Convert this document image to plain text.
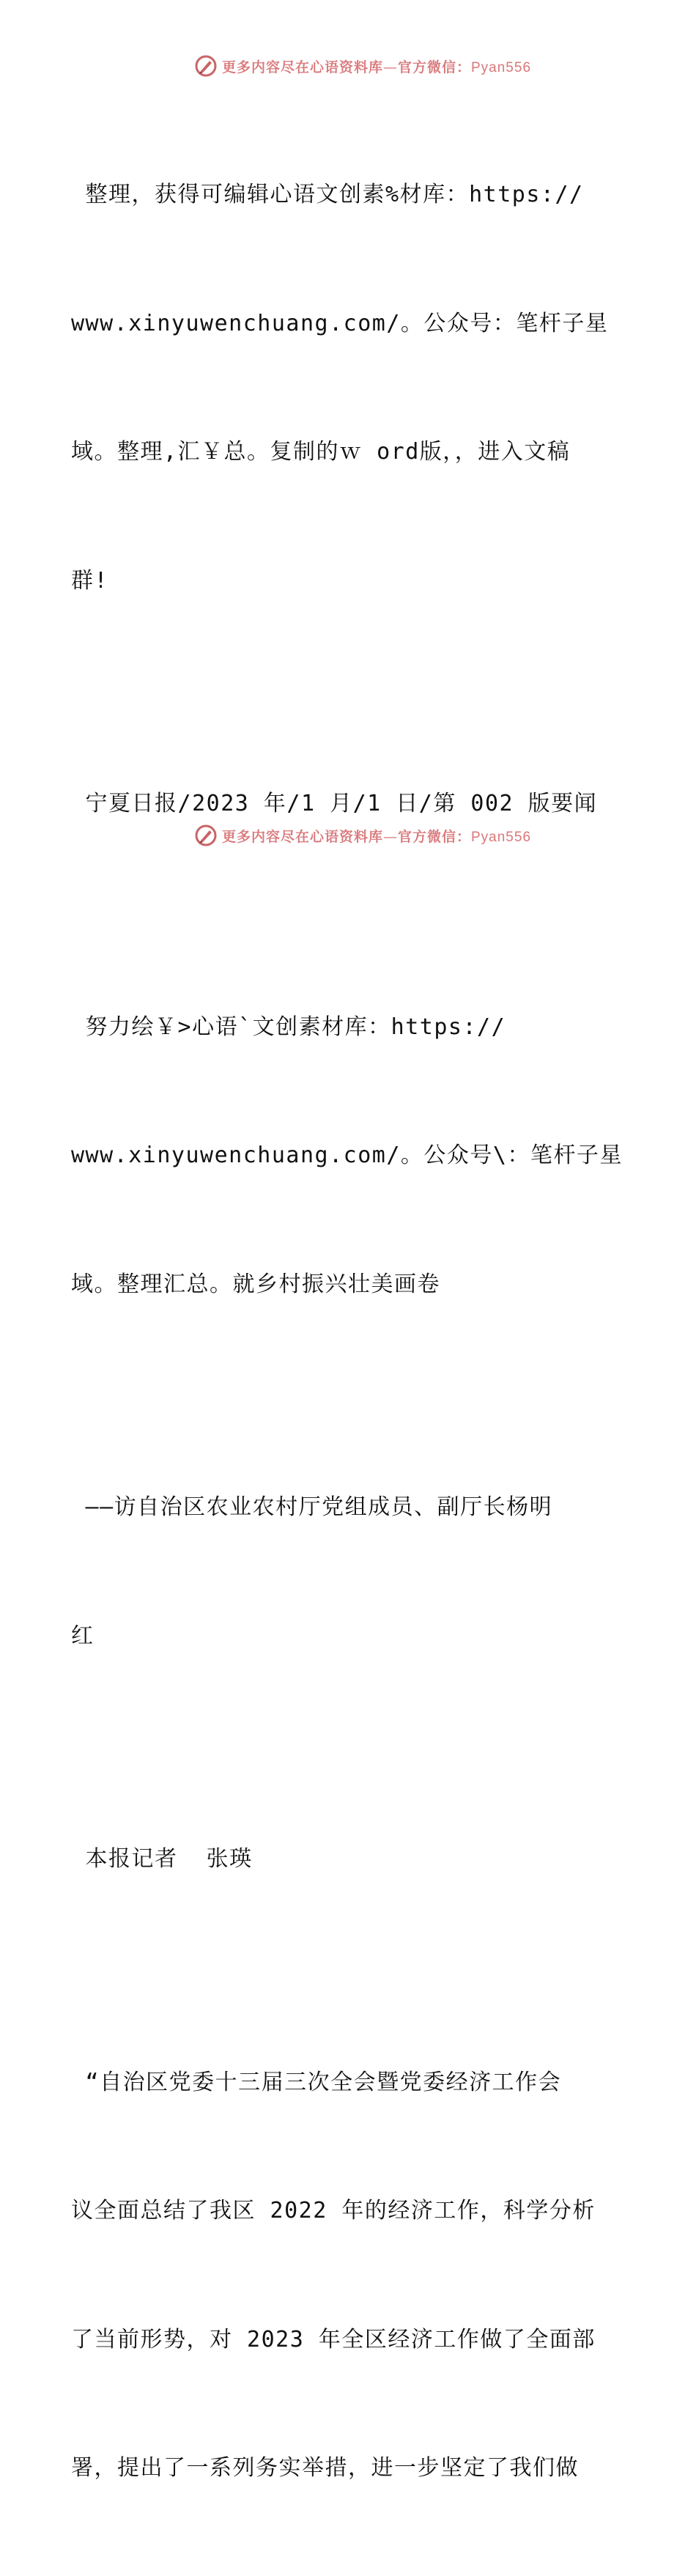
更多内容尽在心语资料库—官方微信：Pyan556

整理，获得可编辑心语文创素%材库：https://

www.xinyuwenchuang.com/。公众号：笔杆子星

域。整理,汇￥总。复制的ｗ ord版，，进入文稿

群!

宁夏日报/2023 年/1 月/1 日/第 002 版要闻

努力绘￥>心语`文创素材库：https://

www.xinyuwenchuang.com/。公众号\：笔杆子星

域。整理汇总。就乡村振兴壮美画卷

——访自治区农业农村厅党组成员、副厅长杨明

红

本报记者  张瑛

“自治区党委十三届三次全会暨党委经济工作会

议全面总结了我区 2022 年的经济工作，科学分析

了当前形势，对 2023 年全区经济工作做了全面部

署，提出了一系列务实举措，进一步坚定了我们做

更多内容尽在心语资料库—官方微信：Pyan556
